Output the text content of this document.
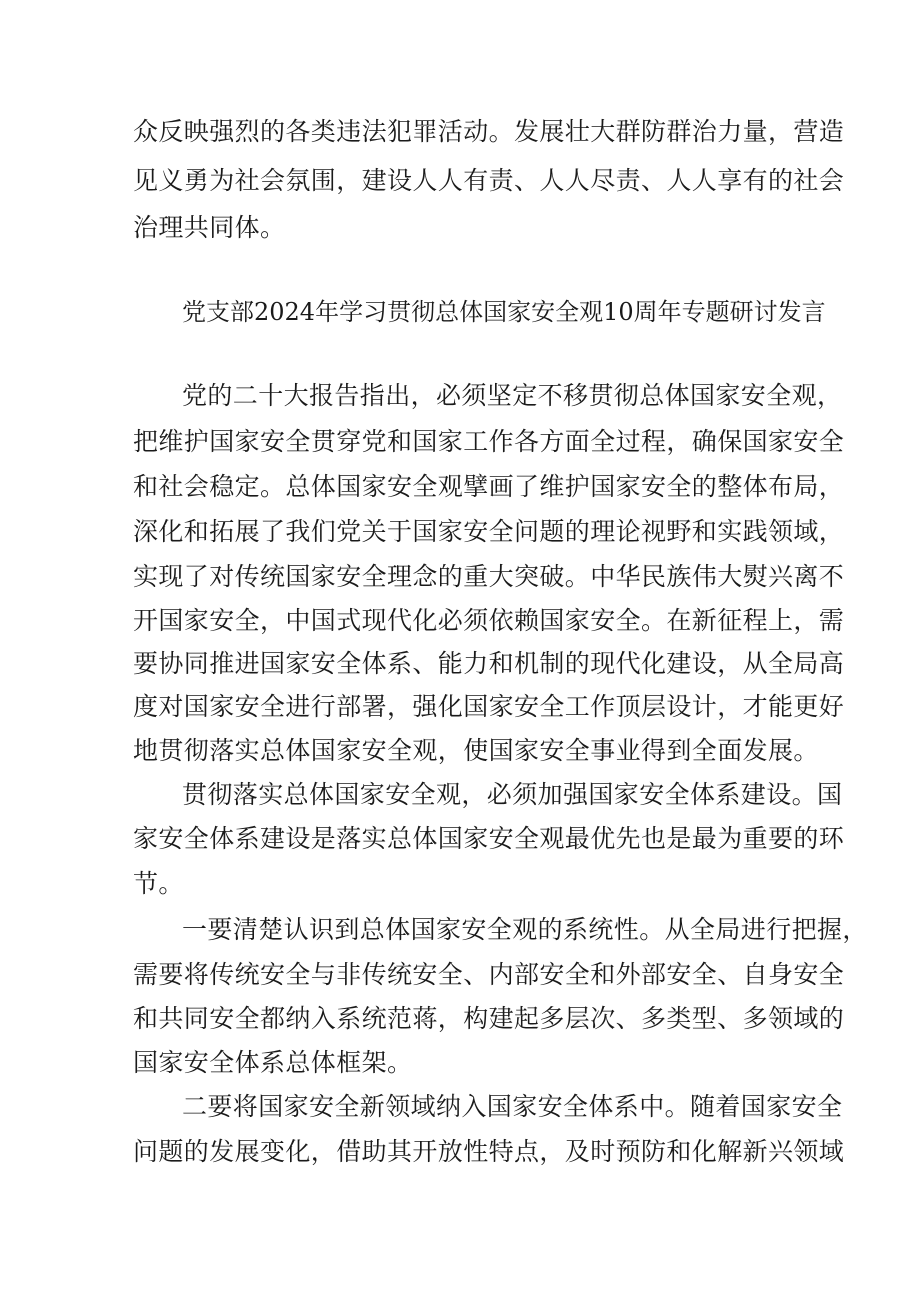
众反映强烈的各类违法犯罪活动。发展壮大群防群治力量，营造
见义勇为社会氛围，建设人人有责、人人尽责、人人享有的社会
治理共同体。
党支部2024年学习贯彻总体国家安全观10周年专题研讨发言
党的二十大报告指出，必须坚定不移贯彻总体国家安全观，
把维护国家安全贯穿党和国家工作各方面全过程，确保国家安全
和社会稳定。总体国家安全观擘画了维护国家安全的整体布局，
深化和拓展了我们党关于国家安全问题的理论视野和实践领域，
实现了对传统国家安全理念的重大突破。中华民族伟大熨兴离不
开国家安全，中国式现代化必须依赖国家安全。在新征程上，需
要协同推进国家安全体系、能力和机制的现代化建设，从全局高
度对国家安全进行部署，强化国家安全工作顶层设计，才能更好
地贯彻落实总体国家安全观，使国家安全事业得到全面发展。
贯彻落实总体国家安全观，必须加强国家安全体系建设。国
家安全体系建设是落实总体国家安全观最优先也是最为重要的环
节。
一要清楚认识到总体国家安全观的系统性。从全局进行把握，
需要将传统安全与非传统安全、内部安全和外部安全、自身安全
和共同安全都纳入系统范蒋，构建起多层次、多类型、多领域的
国家安全体系总体框架。
二要将国家安全新领域纳入国家安全体系中。随着国家安全
问题的发展变化，借助其开放性特点，及时预防和化解新兴领域
